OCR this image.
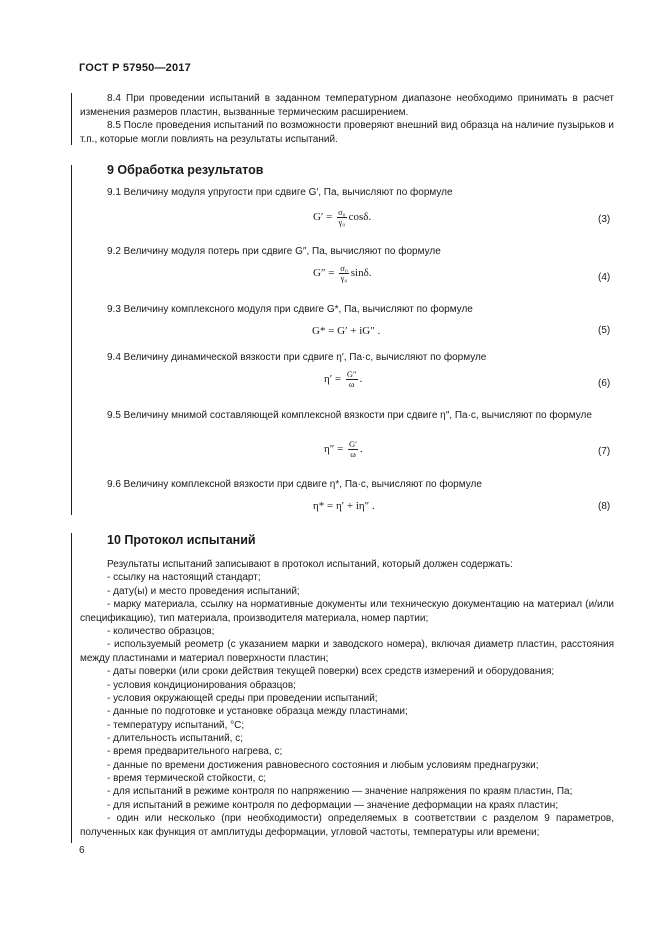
ГОСТ Р 57950—2017
8.4 При проведении испытаний в заданном температурном диапазоне необходимо принимать в расчет изменения размеров пластин, вызванные термическим расширением.
8.5 После проведения испытаний по возможности проверяют внешний вид образца на наличие пузырьков и т.п., которые могли повлиять на результаты испытаний.
9 Обработка результатов
9.1 Величину модуля упругости при сдвиге G′, Па, вычисляют по формуле
$G' = \frac{\text{σ₀}}{\text{γ₀}} \cos\delta$.	(3)
9.2 Величину модуля потерь при сдвиге G″, Па, вычисляют по формуле
$G'' = \frac{\text{σ₀}}{\text{γ₀}} \sin\delta$.	(4)
9.3 Величину комплексного модуля при сдвиге G*, Па, вычисляют по формуле
G* = G′ + iG″ .	(5)
9.4 Величину динамической вязкости при сдвиге η′, Па·с, вычисляют по формуле
$\eta' = \frac{G''}{\omega}$ .	(6)
9.5 Величину мнимой составляющей комплексной вязкости при сдвиге η″, Па·с, вычисляют по формуле
$\eta'' = \frac{G'}{\omega}$ .	(7)
9.6 Величину комплексной вязкости при сдвиге η*, Па·с, вычисляют по формуле
η* = η′ + iη″ .	(8)
10 Протокол испытаний
Результаты испытаний записывают в протокол испытаний, который должен содержать:
- ссылку на настоящий стандарт;
- дату(ы) и место проведения испытаний;
- марку материала, ссылку на нормативные документы или техническую документацию на материал (и/или спецификацию), тип материала, производителя материала, номер партии;
- количество образцов;
- используемый реометр (с указанием марки и заводского номера), включая диаметр пластин, расстояния между пластинами и материал поверхности пластин;
- даты поверки (или сроки действия текущей поверки) всех средств измерений и оборудования;
- условия кондиционирования образцов;
- условия окружающей среды при проведении испытаний;
- данные по подготовке и установке образца между пластинами;
- температуру испытаний, °С;
- длительность испытаний, с;
- время предварительного нагрева, с;
- данные по времени достижения равновесного состояния и любым условиям преднагрузки;
- время термической стойкости, с;
- для испытаний в режиме контроля по напряжению — значение напряжения по краям пластин, Па;
- для испытаний в режиме контроля по деформации — значение деформации на краях пластин;
- один или несколько (при необходимости) определяемых в соответствии с разделом 9 параметров, полученных как функция от амплитуды деформации, угловой частоты, температуры или времени;
6
